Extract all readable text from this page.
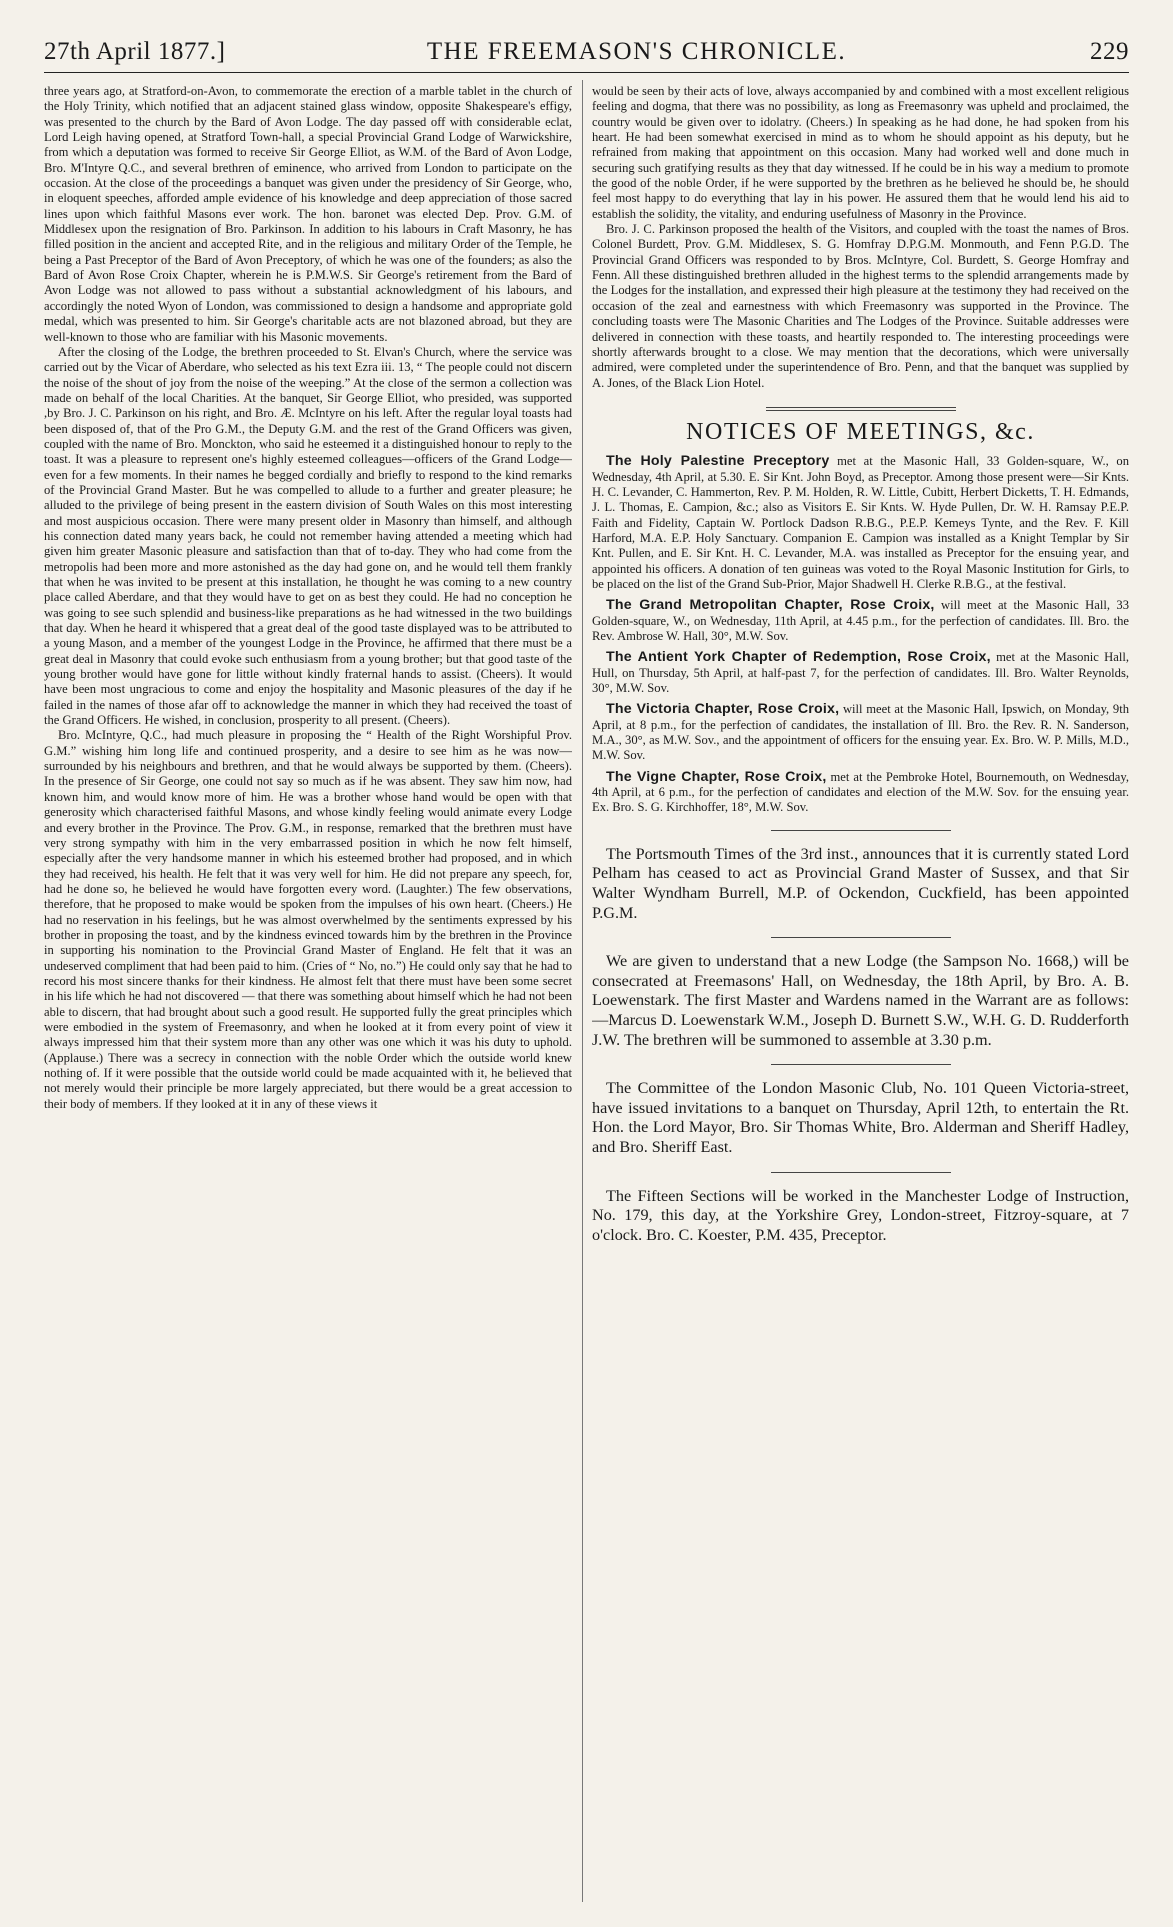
27th April 1877.]	THE FREEMASON'S CHRONICLE.	229

three years ago, at Stratford-on-Avon, to commemorate the erection of a marble tablet in the church of the Holy Trinity, which notified that an adjacent stained glass window, opposite Shakespeare's effigy, was presented to the church by the Bard of Avon Lodge. The day passed off with considerable eclat, Lord Leigh having opened, at Stratford Town-hall, a special Provincial Grand Lodge of Warwickshire, from which a deputation was formed to receive Sir George Elliot, as W.M. of the Bard of Avon Lodge, Bro. M'Intyre Q.C., and several brethren of eminence, who arrived from London to participate on the occasion. At the close of the proceedings a banquet was given under the presidency of Sir George, who, in eloquent speeches, afforded ample evidence of his knowledge and deep appreciation of those sacred lines upon which faithful Masons ever work. The hon. baronet was elected Dep. Prov. G.M. of Middlesex upon the resignation of Bro. Parkinson. In addition to his labours in Craft Masonry, he has filled position in the ancient and accepted Rite, and in the religious and military Order of the Temple, he being a Past Preceptor of the Bard of Avon Preceptory, of which he was one of the founders; as also the Bard of Avon Rose Croix Chapter, wherein he is P.M.W.S. Sir George's retirement from the Bard of Avon Lodge was not allowed to pass without a substantial acknowledgment of his labours, and accordingly the noted Wyon of London, was commissioned to design a handsome and appropriate gold medal, which was presented to him. Sir George's charitable acts are not blazoned abroad, but they are well-known to those who are familiar with his Masonic movements.

After the closing of the Lodge, the brethren proceeded to St. Elvan's Church, where the service was carried out by the Vicar of Aberdare, who selected as his text Ezra iii. 13, “ The people could not discern the noise of the shout of joy from the noise of the weeping.” At the close of the sermon a collection was made on behalf of the local Charities. At the banquet, Sir George Elliot, who presided, was supported ,by Bro. J. C. Parkinson on his right, and Bro. Æ. McIntyre on his left. After the regular loyal toasts had been disposed of, that of the Pro G.M., the Deputy G.M. and the rest of the Grand Officers was given, coupled with the name of Bro. Monckton, who said he esteemed it a distinguished honour to reply to the toast. It was a pleasure to represent one's highly esteemed colleagues—officers of the Grand Lodge—even for a few moments. In their names he begged cordially and briefly to respond to the kind remarks of the Provincial Grand Master. But he was compelled to allude to a further and greater pleasure; he alluded to the privilege of being present in the eastern division of South Wales on this most interesting and most auspicious occasion. There were many present older in Masonry than himself, and although his connection dated many years back, he could not remember having attended a meeting which had given him greater Masonic pleasure and satisfaction than that of to-day. They who had come from the metropolis had been more and more astonished as the day had gone on, and he would tell them frankly that when he was invited to be present at this installation, he thought he was coming to a new country place called Aberdare, and that they would have to get on as best they could. He had no conception he was going to see such splendid and business-like preparations as he had witnessed in the two buildings that day. When he heard it whispered that a great deal of the good taste displayed was to be attributed to a young Mason, and a member of the youngest Lodge in the Province, he affirmed that there must be a great deal in Masonry that could evoke such enthusiasm from a young brother; but that good taste of the young brother would have gone for little without kindly fraternal hands to assist. (Cheers). It would have been most ungracious to come and enjoy the hospitality and Masonic pleasures of the day if he failed in the names of those afar off to acknowledge the manner in which they had received the toast of the Grand Officers. He wished, in conclusion, prosperity to all present. (Cheers).

Bro. McIntyre, Q.C., had much pleasure in proposing the “ Health of the Right Worshipful Prov. G.M.” wishing him long life and continued prosperity, and a desire to see him as he was now—surrounded by his neighbours and brethren, and that he would always be supported by them. (Cheers). In the presence of Sir George, one could not say so much as if he was absent. They saw him now, had known him, and would know more of him. He was a brother whose hand would be open with that generosity which characterised faithful Masons, and whose kindly feeling would animate every Lodge and every brother in the Province. The Prov. G.M., in response, remarked that the brethren must have very strong sympathy with him in the very embarrassed position in which he now felt himself, especially after the very handsome manner in which his esteemed brother had proposed, and in which they had received, his health. He felt that it was very well for him. He did not prepare any speech, for, had he done so, he believed he would have forgotten every word. (Laughter.) The few observations, therefore, that he proposed to make would be spoken from the impulses of his own heart. (Cheers.) He had no reservation in his feelings, but he was almost overwhelmed by the sentiments expressed by his brother in proposing the toast, and by the kindness evinced towards him by the brethren in the Province in supporting his nomination to the Provincial Grand Master of England. He felt that it was an undeserved compliment that had been paid to him. (Cries of “ No, no.”) He could only say that he had to record his most sincere thanks for their kindness. He almost felt that there must have been some secret in his life which he had not discovered — that there was something about himself which he had not been able to discern, that had brought about such a good result. He supported fully the great principles which were embodied in the system of Freemasonry, and when he looked at it from every point of view it always impressed him that their system more than any other was one which it was his duty to uphold. (Applause.) There was a secrecy in connection with the noble Order which the outside world knew nothing of. If it were possible that the outside world could be made acquainted with it, he believed that not merely would their principle be more largely appreciated, but there would be a great accession to their body of members. If they looked at it in any of these views it

would be seen by their acts of love, always accompanied by and combined with a most excellent religious feeling and dogma, that there was no possibility, as long as Freemasonry was upheld and proclaimed, the country would be given over to idolatry. (Cheers.) In speaking as he had done, he had spoken from his heart. He had been somewhat exercised in mind as to whom he should appoint as his deputy, but he refrained from making that appointment on this occasion. Many had worked well and done much in securing such gratifying results as they that day witnessed. If he could be in his way a medium to promote the good of the noble Order, if he were supported by the brethren as he believed he should be, he should feel most happy to do everything that lay in his power. He assured them that he would lend his aid to establish the solidity, the vitality, and enduring usefulness of Masonry in the Province.

Bro. J. C. Parkinson proposed the health of the Visitors, and coupled with the toast the names of Bros. Colonel Burdett, Prov. G.M. Middlesex, S. G. Homfray D.P.G.M. Monmouth, and Fenn P.G.D. The Provincial Grand Officers was responded to by Bros. McIntyre, Col. Burdett, S. George Homfray and Fenn. All these distinguished brethren alluded in the highest terms to the splendid arrangements made by the Lodges for the installation, and expressed their high pleasure at the testimony they had received on the occasion of the zeal and earnestness with which Freemasonry was supported in the Province. The concluding toasts were The Masonic Charities and The Lodges of the Province. Suitable addresses were delivered in connection with these toasts, and heartily responded to. The interesting proceedings were shortly afterwards brought to a close. We may mention that the decorations, which were universally admired, were completed under the superintendence of Bro. Penn, and that the banquet was supplied by A. Jones, of the Black Lion Hotel.

NOTICES OF MEETINGS, &c.

The Holy Palestine Preceptory met at the Masonic Hall, 33 Golden-square, W., on Wednesday, 4th April, at 5.30. E. Sir Knt. John Boyd, as Preceptor. Among those present were—Sir Knts. H. C. Levander, C. Hammerton, Rev. P. M. Holden, R. W. Little, Cubitt, Herbert Dicketts, T. H. Edmands, J. L. Thomas, E. Campion, &c.; also as Visitors E. Sir Knts. W. Hyde Pullen, Dr. W. H. Ramsay P.E.P. Faith and Fidelity, Captain W. Portlock Dadson R.B.G., P.E.P. Kemeys Tynte, and the Rev. F. Kill Harford, M.A. E.P. Holy Sanctuary. Companion E. Campion was installed as a Knight Templar by Sir Knt. Pullen, and E. Sir Knt. H. C. Levander, M.A. was installed as Preceptor for the ensuing year, and appointed his officers. A donation of ten guineas was voted to the Royal Masonic Institution for Girls, to be placed on the list of the Grand Sub-Prior, Major Shadwell H. Clerke R.B.G., at the festival.

The Grand Metropolitan Chapter, Rose Croix, will meet at the Masonic Hall, 33 Golden-square, W., on Wednesday, 11th April, at 4.45 p.m., for the perfection of candidates. Ill. Bro. the Rev. Ambrose W. Hall, 30°, M.W. Sov.

The Antient York Chapter of Redemption, Rose Croix, met at the Masonic Hall, Hull, on Thursday, 5th April, at half-past 7, for the perfection of candidates. Ill. Bro. Walter Reynolds, 30°, M.W. Sov.

The Victoria Chapter, Rose Croix, will meet at the Masonic Hall, Ipswich, on Monday, 9th April, at 8 p.m., for the perfection of candidates, the installation of Ill. Bro. the Rev. R. N. Sanderson, M.A., 30°, as M.W. Sov., and the appointment of officers for the ensuing year. Ex. Bro. W. P. Mills, M.D., M.W. Sov.

The Vigne Chapter, Rose Croix, met at the Pembroke Hotel, Bournemouth, on Wednesday, 4th April, at 6 p.m., for the perfection of candidates and election of the M.W. Sov. for the ensuing year. Ex. Bro. S. G. Kirchhoffer, 18°, M.W. Sov.

The Portsmouth Times of the 3rd inst., announces that it is currently stated Lord Pelham has ceased to act as Provincial Grand Master of Sussex, and that Sir Walter Wyndham Burrell, M.P. of Ockendon, Cuckfield, has been appointed P.G.M.

We are given to understand that a new Lodge (the Sampson No. 1668,) will be consecrated at Freemasons' Hall, on Wednesday, the 18th April, by Bro. A. B. Loewenstark. The first Master and Wardens named in the Warrant are as follows:—Marcus D. Loewenstark W.M., Joseph D. Burnett S.W., W.H. G. D. Rudderforth J.W. The brethren will be summoned to assemble at 3.30 p.m.

The Committee of the London Masonic Club, No. 101 Queen Victoria-street, have issued invitations to a banquet on Thursday, April 12th, to entertain the Rt. Hon. the Lord Mayor, Bro. Sir Thomas White, Bro. Alderman and Sheriff Hadley, and Bro. Sheriff East.

The Fifteen Sections will be worked in the Manchester Lodge of Instruction, No. 179, this day, at the Yorkshire Grey, London-street, Fitzroy-square, at 7 o'clock. Bro. C. Koester, P.M. 435, Preceptor.
